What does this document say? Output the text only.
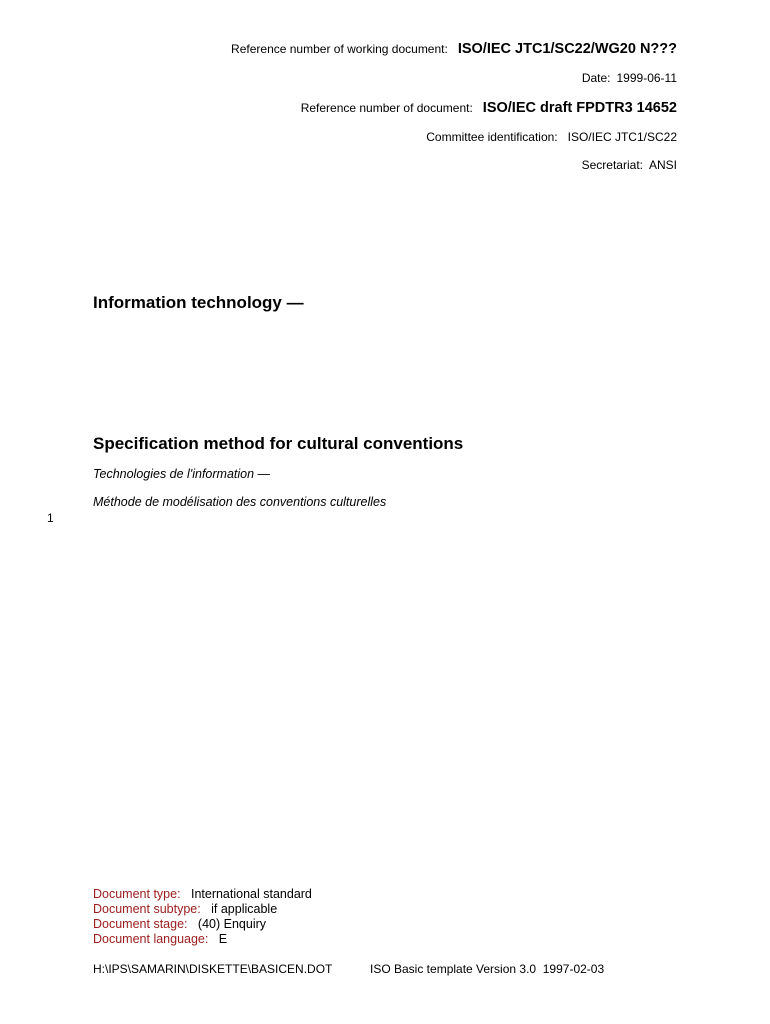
Reference number of working document: ISO/IEC JTC1/SC22/WG20 N???
Date: 1999-06-11
Reference number of document: ISO/IEC draft FPDTR3 14652
Committee identification: ISO/IEC JTC1/SC22
Secretariat: ANSI
Information technology —
Specification method for cultural conventions
Technologies de l'information —
Méthode de modélisation des conventions culturelles
1
Document type: International standard
Document subtype: if applicable
Document stage: (40) Enquiry
Document language: E
H:\IPS\SAMARIN\DISKETTE\BASICEN.DOT	ISO Basic template Version 3.0  1997-02-03
